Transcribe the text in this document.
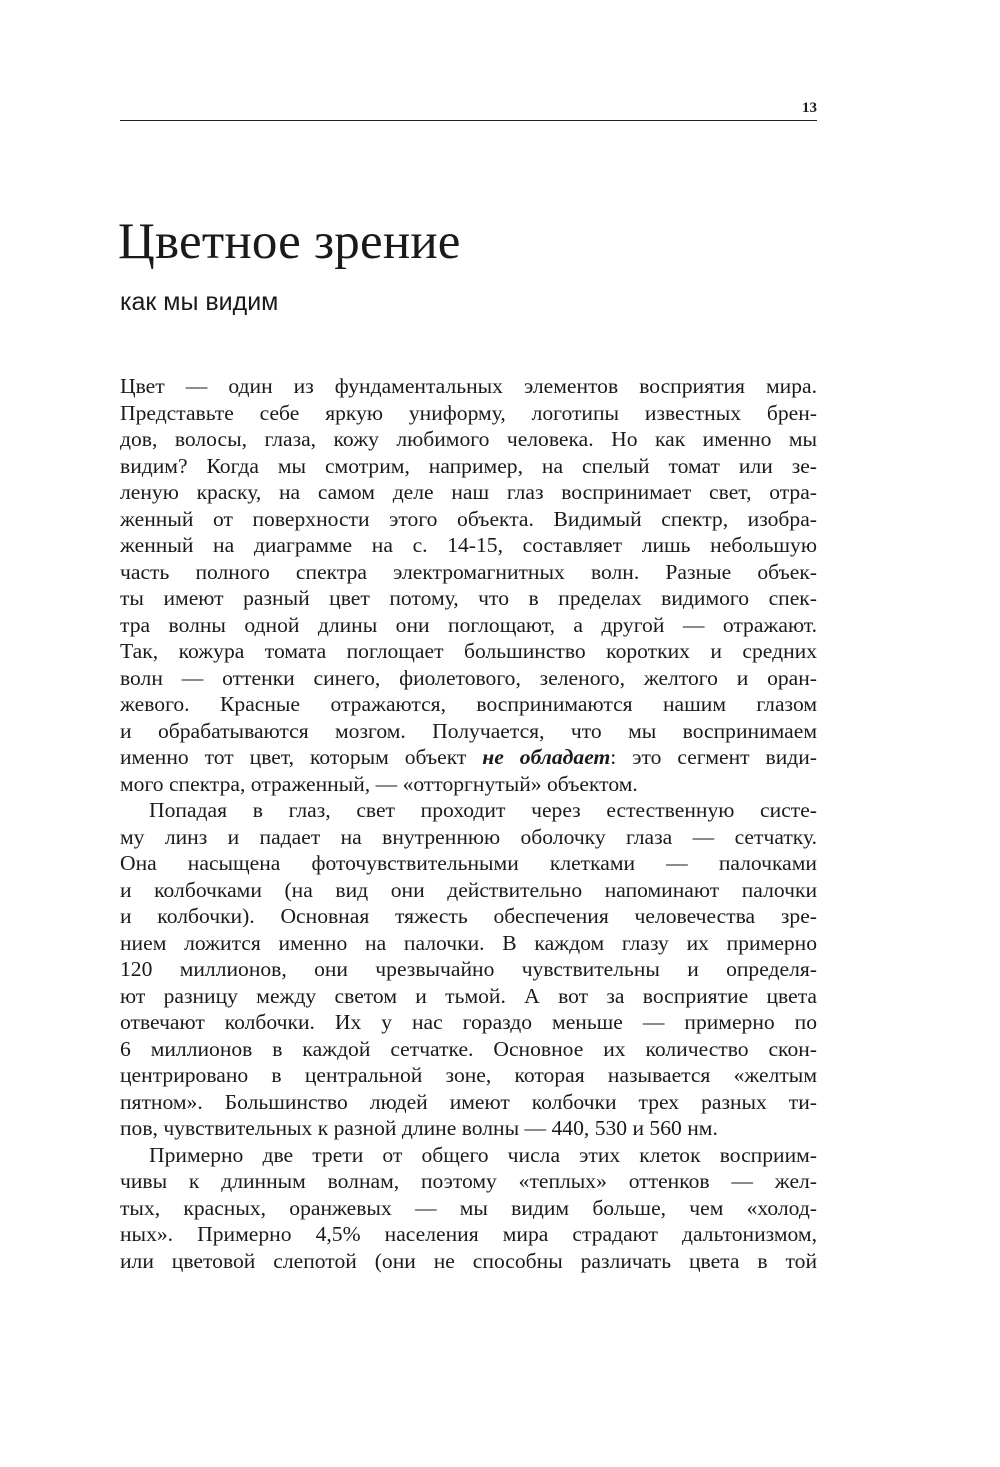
13
Цветное зрение
как мы видим

Цвет — один из фундаментальных элементов восприятия мира.
Представьте себе яркую униформу, логотипы известных брен-
дов, волосы, глаза, кожу любимого человека. Но как именно мы
видим? Когда мы смотрим, например, на спелый томат или зе-
леную краску, на самом деле наш глаз воспринимает свет, отра-
женный от поверхности этого объекта. Видимый спектр, изобра-
женный на диаграмме на с. 14-15, составляет лишь небольшую
часть полного спектра электромагнитных волн. Разные объек-
ты имеют разный цвет потому, что в пределах видимого спек-
тра волны одной длины они поглощают, а другой — отражают.
Так, кожура томата поглощает большинство коротких и средних
волн — оттенки синего, фиолетового, зеленого, желтого и оран-
жевого. Красные отражаются, воспринимаются нашим глазом
и обрабатываются мозгом. Получается, что мы воспринимаем
именно тот цвет, которым объект не обладает: это сегмент види-
мого спектра, отраженный, — «отторгнутый» объектом.

Попадая в глаз, свет проходит через естественную систе-
му линз и падает на внутреннюю оболочку глаза — сетчатку.
Она насыщена фоточувствительными клетками — палочками
и колбочками (на вид они действительно напоминают палочки
и колбочки). Основная тяжесть обеспечения человечества зре-
нием ложится именно на палочки. В каждом глазу их примерно
120 миллионов, они чрезвычайно чувствительны и определя-
ют разницу между светом и тьмой. А вот за восприятие цвета
отвечают колбочки. Их у нас гораздо меньше — примерно по
6 миллионов в каждой сетчатке. Основное их количество скон-
центрировано в центральной зоне, которая называется «желтым
пятном». Большинство людей имеют колбочки трех разных ти-
пов, чувствительных к разной длине волны — 440, 530 и 560 нм.

Примерно две трети от общего числа этих клеток восприим-
чивы к длинным волнам, поэтому «теплых» оттенков — жел-
тых, красных, оранжевых — мы видим больше, чем «холод-
ных». Примерно 4,5% населения мира страдают дальтонизмом,
или цветовой слепотой (они не способны различать цвета в той
